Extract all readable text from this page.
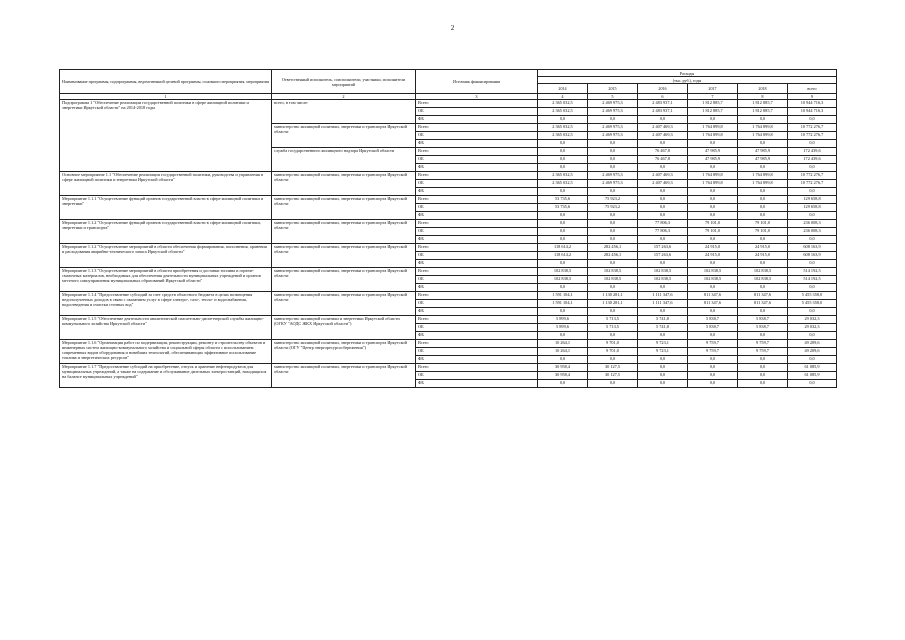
2
Наименование программы, подпрограммы, ведомственной целевой программы, основного мероприятия, мероприятия	Ответственный исполнитель, соисполнители, участники, исполнители мероприятий	Источник финансирования	Расходы					
			(тыс. руб.), годы					
			2014	2015	2016	2017	2018	всего
1	2	3	4	5	6	7	8	9
Подпрограмма 1 "Обеспечение реализации государственной политики в сфере жилищной политики и энергетики Иркутской области" на 2014-2018 годы	всего, в том числе:	Всего	2 365 032,5	2 469 975,3	2 483 937,1	1 812 885,7	1 812 885,7	10 944 716,3
		ОБ	2 365 032,5	2 469 975,3	2 483 937,1	1 812 885,7	1 812 885,7	10 944 716,3
		ФБ	0,0	0,0	0,0	0,0	0,0	0,0
	министерство жилищной политики, энергетики и транспорта Иркутской области	Всего	2 365 032,5	2 469 975,3	2 407 469,3	1 764 899,8	1 764 899,8	10 772 276,7
		ОБ	2 365 032,5	2 469 975,3	2 407 469,3	1 764 899,8	1 764 899,8	10 772 276,7
		ФБ	0,0	0,0	0,0	0,0	0,0	0,0
	служба государственного жилищного надзора Иркутской области	Всего	0,0	0,0	76 467,8	47 985,9	47 985,9	172 439,6
		ОБ	0,0	0,0	76 467,8	47 985,9	47 985,9	172 439,6
		ФБ	0,0	0,0	0,0	0,0	0,0	0,0
Основное мероприятие 1.1 "Обеспечение реализации государственной политики, руководства и управления в сфере жилищной политики и энергетики Иркутской области"	министерство жилищной политики, энергетики и транспорта Иркутской области	Всего	2 365 032,5	2 469 975,3	2 407 469,3	1 764 899,8	1 764 899,8	10 772 276,7
		ОБ	2 365 032,5	2 469 975,3	2 407 469,3	1 764 899,8	1 764 899,8	10 772 276,7
		ФБ	0,0	0,0	0,0	0,0	0,0	0,0
Мероприятие 1.1.1 "Осуществление функций органов государственной власти в сфере жилищной политики и энергетики"	министерство жилищной политики, энергетики и транспорта Иркутской области	Всего	53 735,6	75 923,2	0,0	0,0	0,0	129 658,8
		ОБ	53 735,6	75 923,2	0,0	0,0	0,0	129 658,8
		ФБ	0,0	0,0	0,0	0,0	0,0	0,0
Мероприятие 1.1.2 "Осуществление функций органов государственной власти в сфере жилищной политики, энергетики и транспорта"	министерство жилищной политики, энергетики и транспорта Иркутской области	Всего	0,0	0,0	77 806,3	79 101,0	79 101,0	236 008,3
		ОБ	0,0	0,0	77 806,3	79 101,0	79 101,0	236 008,3
		ФБ	0,0	0,0	0,0	0,0	0,0	0,0
Мероприятие 1.1.2 "Осуществление мероприятий в области обеспечения формирования, пополнения, хранения и расходования аварийно-технического запаса Иркутской области"	министерство жилищной политики, энергетики и транспорта Иркутской области	Всего	118 614,2	282 456,1	157 263,6	24 915,0	24 915,0	608 163,9
		ОБ	118 614,2	282 456,1	157 263,6	24 915,0	24 915,0	608 163,9
		ФБ	0,0	0,0	0,0	0,0	0,0	0,0
Мероприятие 1.1.3 "Осуществление мероприятий в области приобретения и доставки топлива и горюче-смазочных материалов, необходимых для обеспечения деятельности муниципальных учреждений и органов местного самоуправления муниципальных образований Иркутской области"	министерство жилищной политики, энергетики и транспорта Иркутской области	Всего	102 838,5	102 838,5	102 838,5	102 838,5	102 838,5	514 192,5
		ОБ	102 838,5	102 838,5	102 838,5	102 838,5	102 838,5	514 192,5
		ФБ	0,0	0,0	0,0	0,0	0,0	0,0
Мероприятие 1.1.4 "Предоставление субсидий за счет средств областного бюджета в целях возмещения недополученных доходов в связи с оказанием услуг в сфере электро-, газо-, тепло- и водоснабжения, водоотведения и очистки сточных вод"	министерство жилищной политики, энергетики и транспорта Иркутской области	Всего	1 591 104,1	1 130 281,1	1 111 347,6	811 347,6	811 347,6	5 455 358,0
		ОБ	1 591 104,1	1 130 281,1	1 111 347,6	811 347,6	811 347,6	5 455 358,0
		ФБ	0,0	0,0	0,0	0,0	0,0	0,0
Мероприятие 1.1.5 "Обеспечение деятельности аналитической спасательно-диспетчерской службы жилищно-коммунального хозяйства Иркутской области"	министерство жилищной политики и энергетики Иркутской области (ОГКУ "АОДС ЖКХ Иркутской области")	Всего	5 899,6	5 713,5	5 741,8	5 838,7	5 838,7	29 032,3
		ОБ	5 899,6	5 713,5	5 741,8	5 838,7	5 838,7	29 032,3
		ФБ	0,0	0,0	0,0	0,0	0,0	0,0
Мероприятие 1.1.6 "Организация работ по модернизации, реконструкции, ремонту и строительству объектов и инженерных систем жилищно-коммунального хозяйства и социальной сферы области с использованием современных видов оборудования и новейших технологий, обеспечивающих эффективное использование топлива и энергетических ресурсов"	министерство жилищной политики, энергетики и транспорта Иркутской области (ОГУ "Центр энергоресурсосбережения")	Всего	10 264,1	9 701,0	9 723,1	9 759,7	9 759,7	49 209,6
		ОБ	10 264,1	9 701,0	9 723,1	9 759,7	9 759,7	49 209,6
		ФБ	0,0	0,0	0,0	0,0	0,0	0,0
Мероприятие 1.1.7 "Предоставление субсидий на приобретение, отпуск и хранение нефтепродуктов для муниципальных учреждений, а также на содержание и обслуживание дизельных электростанций, находящихся на балансе муниципальных учреждений"	министерство жилищной политики, энергетики и транспорта Иркутской области	Всего	30 958,4	30 127,5	0,0	0,0	0,0	61 085,9
		ОБ	30 958,4	30 127,5	0,0	0,0	0,0	61 085,9
		ФБ	0,0	0,0	0,0	0,0	0,0	0,0
